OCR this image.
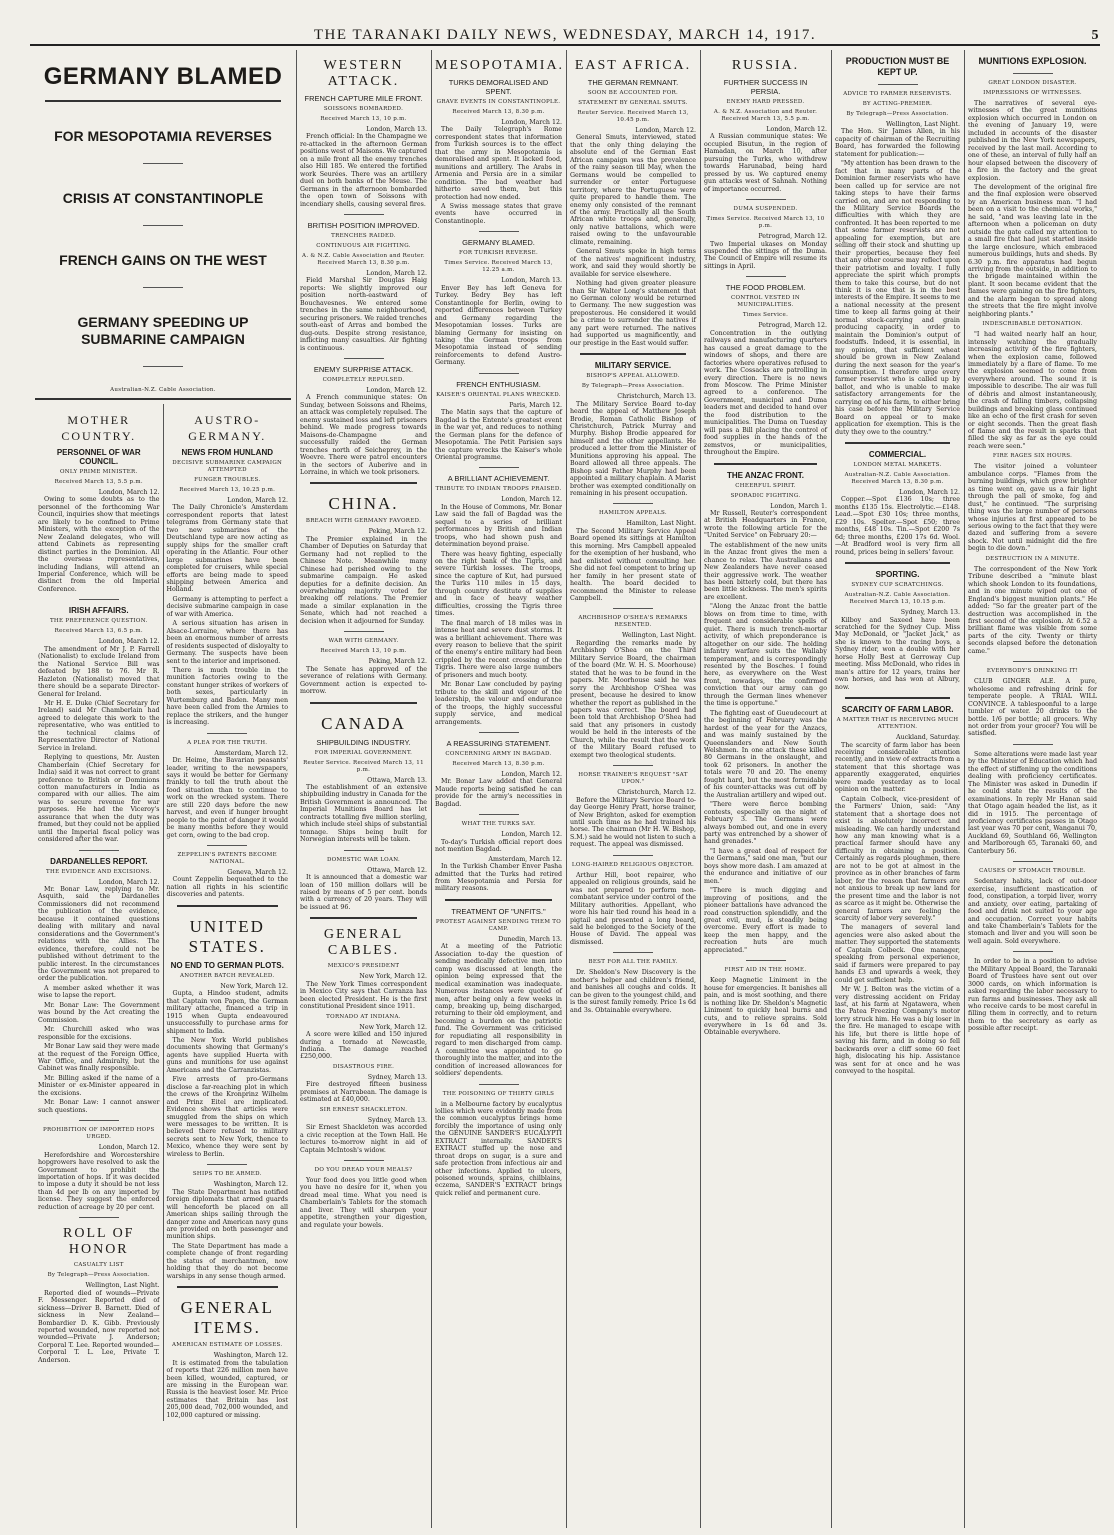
THE TARANAKI DAILY NEWS, WEDNESDAY, MARCH 14, 1917.	5
GERMANY BLAMED
FOR MESOPOTAMIA REVERSES
CRISIS AT CONSTANTINOPLE
FRENCH GAINS ON THE WEST
GERMANY SPEEDING UP SUBMARINE CAMPAIGN
Australian-N.Z. Cable Association.
MOTHER COUNTRY.
PERSONNEL OF WAR COUNCIL.
ONLY PRIME MINISTER.
Received March 13, 5.5 p.m.
London, March 12.

Owing to some doubts as to the personnel of the forthcoming War Council, inquiries show that meetings are likely to be confined to Prime Ministers, with the exception of the New Zealand delegates, who will attend Cabinets as representing distinct parties in the Dominion. All the overseas representatives, including Indians, will attend an Imperial Conference, which will be distinct from the old Imperial Conference.

IRISH AFFAIRS.
THE PREFERENCE QUESTION.
Received March 13, 6.5 p.m.
London, March 12.

The amendment of Mr J. P. Farrell (Nationalist) to exclude Ireland from the National Service Bill was defeated by 188 to 76. Mr R. Hazleton (Nationalist) moved that there should be a separate Director-General for Ireland.

Mr H. E. Duke (Chief Secretary for Ireland) said Mr Chamberlain had agreed to delegate this work to the representative, who was entitled to the technical claims of Representative Director of National Service in Ireland.

Replying to questions, Mr. Austen Chamberlain (Chief Secretary for India) said it was not correct to grant preference to British or Dominions cotton manufacturers in India as compared with our allies. The aim was to secure revenue for war purposes. He had the Viceroy's assurance that when the duty was framed, but they could not be applied until the Imperial fiscal policy was considered after the war.

DARDANELLES REPORT.
THE EVIDENCE AND EXCISIONS.
London, March 12.

Mr. Bonar Law, replying to Mr. Asquith, said the Dardanelles Commissioners did not recommend the publication of the evidence, because it contained questions dealing with military and naval considerations and the Government's relations with the Allies. The evidence, therefore, could not be published without detriment to the public interest. In the circumstances the Government was not prepared to order the publication.

A member asked whether it was wise to lapse the report.

Mr. Bonar Law: The Government was bound by the Act creating the Commission.

Mr. Churchill asked who was responsible for the excisions.

Mr Bonar Law said they were made at the request of the Foreign Office, War Office, and Admiralty, but the Cabinet was finally responsible.

Mr. Billing asked if the name of a Minister or ex-Minister appeared in the excisions.

Mr. Bonar Law: I cannot answer such questions.

PROHIBITION OF IMPORTED HOPS URGED.
London, March 12.

Herefordshire and Worcestershire hopgrowers have resolved to ask the Government to prohibit the importation of hops. If it was decided to impose a duty it should be not less than 4d per lb on any imported by license. They suggest the enforced reduction of acreage by 20 per cent.

ROLL OF HONOR
CASUALTY LIST
By Telegraph—Press Association.
Wellington, Last Night.

Reported died of wounds—Private F. Messenger. Reported died of sickness—Driver B. Barnett. Died of sickness in New Zealand—Bombardier D. K. Gibb. Previously reported wounded, now reported not wounded—Private J. Anderson; Corporal T. Lee. Reported wounded—Corporal T. L. Lee, Private T. Anderson.

AUSTRO-GERMANY.
NEWS FROM HUNLAND
DECISIVE SUBMARINE CAMPAIGN ATTEMPTED
FUNGER TROUBLES.
Received March 13, 10.25 p.m.
London, March 12.

The Daily Chronicle's Amsterdam correspondent reports that latest telegrams from Germany state that two new submarines of the Deutschland type are now acting as supply ships for the smaller craft operating in the Atlantic. Four other large submarines have been completed for cruisers, while special efforts are being made to speed shipping between America and Holland.

Germany is attempting to perfect a decisive submarine campaign in case of war with America.

A serious situation has arisen in Alsace-Lorraine, where there has been an enormous number of arrests of residents suspected of disloyalty to Germany. The suspects have been sent to the interior and imprisoned.

There is much trouble in the munition factories owing to the constant hunger strikes of workers of both sexes, particularly in Wurtemburg and Baden. Many men have been called from the Armies to replace the strikers, and the hunger is increasing.

A PLEA FOR THE TRUTH.
Amsterdam, March 12.

Dr. Heime, the Bavarian peasants' leader, writing to the newspapers, says it would be better for Germany frankly to tell the truth about the food situation than to continue to work on the wrecked system. There are still 220 days before the new harvest, and even if hunger brought people to the point of danger it would be many months before they would get corn, owing to the bad crop.

ZEPPELIN'S PATENTS BECOME NATIONAL.
Geneva, March 12.

Count Zeppelin bequeathed to the nation all rights in his scientific discoveries and patents.

UNITED STATES.
NO END TO GERMAN PLOTS.
ANOTHER BATCH REVEALED.
New York, March 12.

Gupta, a Hindoo student, admits that Captain von Papen, the German military attache, financed a trip in 1915 when Gupta endeavoured unsuccessfully to purchase arms for shipment to India.

The New York World publishes documents showing that Germany's agents have supplied Huerta with guns and munitions for use against Americans and the Carranzistas.

Five arrests of pro-Germans disclose a far-reaching plot in which the crews of the Kronprinz Wilhelm and Prinz Eitel are implicated. Evidence shows that articles were smuggled from the ships on which were messages to be written. It is believed there refused to military secrets sent to New York, thence to Mexico, whence they were sent by wireless to Berlin.

SHIPS TO BE ARMED.
Washington, March 12.

The State Department has notified foreign diplomats that armed guards will henceforth be placed on all American ships sailing through the danger zone and American navy guns are provided on both passenger and munition ships.

The State Department has made a complete change of front regarding the status of merchantmen, now holding that they do not become warships in any sense though armed.

GENERAL ITEMS.
AMERICAN ESTIMATE OF LOSSES.
Washington, March 12.

It is estimated from the tabulation of reports that 226 million men have been killed, wounded, captured, or are missing in the European war. Russia is the heaviest loser. Mr. Price estimates that Britain has lost 205,000 dead, 702,000 wounded, and 102,000 captured or missing.

WESTERN ATTACK.
FRENCH CAPTURE MILE FRONT.
SOISSONS BOMBARDED.
Received March 13, 10 p.m.
London, March 13.

French official: In the Champagne we re-attacked in the afternoon German positions west of Maisons. We captured on a mile front all the enemy trenches also Hill 185. We entered the fortified work Seurées. There was an artillery duel on both banks of the Meuse. The Germans in the afternoon bombarded the open town of Soissons with incendiary shells, causing several fires.

BRITISH POSITION IMPROVED.
TRENCHES RAIDED.
CONTINUOUS AIR FIGHTING.
A. & N.Z. Cable Association and Reuter. Received March 13, 8.30 p.m.
London, March 12.

Field Marshal Sir Douglas Haig reports: We slightly improved our position north-eastward of Bouchavesnes. We entered some trenches in the same neighbourhood, securing prisoners. We raided trenches south-east of Arras and bombed the dug-outs. Despite strong resistance, inflicting many casualties. Air fighting is continuous.

ENEMY SURPRISE ATTACK.
COMPLETELY REPULSED.
London, March 12.

A French communique states: On Sunday, between Soissons and Rheims, an attack was completely repulsed. The enemy sustained loss and left prisoners behind. We made progress towards Maisons-de-Champagne and successfully raided the German trenches north of Seicheprey, in the Woevre. There were patrol encounters in the sectors of Auberive and in Lorraine, in which we took prisoners.

CHINA.
BREACH WITH GERMANY FAVORED.
Peking, March 12.

The Premier explained in the Chamber of Deputies on Saturday that Germany had not replied to the Chinese Note. Meanwhile many Chinese had perished owing to the submarine campaign. He asked deputies for a definite decision. An overwhelming majority voted for breaking off relations. The Premier made a similar explanation in the Senate, which had not reached a decision when it adjourned for Sunday.

WAR WITH GERMANY.
Received March 13, 10 p.m.
Peking, March 12.

The Senate has approved of the severance of relations with Germany. Government action is expected to-morrow.

CANADA
SHIPBUILDING INDUSTRY.
FOR IMPERIAL GOVERNMENT.
Reuter Service. Received March 13, 11 p.m.
Ottawa, March 13.

The establishment of an extensive shipbuilding industry in Canada for the British Government is announced. The Imperial Munitions Board has let contracts totalling five million sterling, which include steel ships of substantial tonnage. Ships being built for Norwegian interests will be taken.

DOMESTIC WAR LOAN.
Ottawa, March 12.

It is announced that a domestic war loan of 150 million dollars will be raised by means of 5 per cent. bonds with a currency of 20 years. They will be issued at 96.

GENERAL CABLES.
MEXICO'S PRESIDENT
New York, March 12.

The New York Times correspondent in Mexico City says that Carranza has been elected President. He is the first constitutional President since 1911.

TORNADO AT INDIANA.
New York, March 12.

A score were killed and 150 injured during a tornado at Newcastle, Indiana. The damage reached £250,000.

DISASTROUS FIRE.
Sydney, March 13.

Fire destroyed fifteen business premises at Narrabean. The damage is estimated at £40,000.

SIR ERNEST SHACKLETON.
Sydney, March 13.

Sir Ernest Shackleton was accorded a civic reception at the Town Hall. He lectures to-morrow night in aid of Captain McIntosh's widow.

DO YOU DREAD YOUR MEALS?

Your food does you little good when you have no desire for it, when you dread meal time. What you need is Chamberlain's Tablets for the stomach and liver. They will sharpen your appetite, strengthen your digestion, and regulate your bowels.

MESOPOTAMIA.
TURKS DEMORALISED AND SPENT.
GRAVE EVENTS IN CONSTANTINOPLE.
Received March 13, 8.30 p.m.
London, March 12.

The Daily Telegraph's Rome correspondent states that information from Turkish sources is to the effect that the army in Mesopotamia is demoralised and spent. It lacked food, munitions and artillery. The Arabs in Armenia and Persia are in a similar condition. The bad weather had hitherto saved them, but this protection had now ended.

A Swiss message states that grave events have occurred in Constantinople.

GERMANY BLAMED.
FOR TURKISH REVERSE.
Times Service. Received March 13, 12.25 a.m.
London, March 13.

Enver Bey has left Geneva for Turkey. Bedry Bey has left Constantinople for Berlin, owing to reported differences between Turkey and Germany regarding the Mesopotamian losses. Turks are blaming Germany for insisting on taking the German troops from Mesopotamia instead of sending reinforcements to defend Austro-Germany.

FRENCH ENTHUSIASM.
KAISER'S ORIENTAL PLANS WRECKED.
Paris, March 12.

The Matin says that the capture of Bagdad is the Entente's greatest event in the war yet, and reduces to nothing the German plans for the defence of Mesopotamia. The Petit Parisien says the capture wrecks the Kaiser's whole Oriental programme.

A BRILLIANT ACHIEVEMENT.
TRIBUTE TO INDIAN TROOPS PRAISED.
London, March 12.

In the House of Commons, Mr. Bonar Law said the fall of Bagdad was the sequel to a series of brilliant performances by British and Indian troops, who had shown push and determination beyond praise.

There was heavy fighting, especially on the right bank of the Tigris, and severe Turkish losses. The troops, since the capture of Kut, had pursued the Turks 110 miles in 15 days, through country destitute of supplies and in face of heavy weather difficulties, crossing the Tigris three times.

The final march of 18 miles was in intense heat and severe dust storms. It was a brilliant achievement. There was every reason to believe that the spirit of the enemy's entire military had been crippled by the recent crossing of the Tigris. There were also large numbers of prisoners and much booty.

Mr. Bonar Law concluded by paying tribute to the skill and vigour of the leadership, the valour and endurance of the troops, the highly successful supply service, and medical arrangements.

A REASSURING STATEMENT.
CONCERNING ARMY IN BAGDAD.
Received March 13, 8.30 p.m.
London, March 12.

Mr. Bonar Law added that General Maude reports being satisfied he can provide for the army's necessities in Bagdad.

WHAT THE TURKS SAY.
London, March 12.

To-day's Turkish official report does not mention Bagdad.

Amsterdam, March 12.

In the Turkish Chamber Enver Pasha admitted that the Turks had retired from Mesopotamia and Persia for military reasons.

TREATMENT OF "UNFITS."
PROTEST AGAINST SENDING THEM TO CAMP.
Dunedin, March 13.

At a meeting of the Patriotic Association to-day the question of sending medically defective men into camp was discussed at length, the opinion being expressed that the medical examination was inadequate. Numerous instances were quoted of men, after being only a few weeks in camp, breaking up, being discharged, returning to their old employment, and becoming a burden on the patriotic fund. The Government was criticised for repudiating all responsibility in regard to men discharged from camp. A committee was appointed to go thoroughly into the matter, and into the condition of increased allowances for soldiers' dependents.

THE POISONING OF THIRTY GIRLS

in a Melbourne factory by eucalyptus lollies which were evidently made from the common eucalyptus brings home forcibly the importance of using only the GENUINE SANDER'S EUCALYPTI EXTRACT internally. SANDER'S EXTRACT stuffed up the nose and throat drops on sugar, is a sure and safe protection from infectious air and other infections. Applied to ulcers, poisoned wounds, sprains, chilblains, eczema, SANDER'S EXTRACT brings quick relief and permanent cure.

EAST AFRICA.
THE GERMAN REMNANT.
SOON BE ACCOUNTED FOR.
STATEMENT BY GENERAL SMUTS.
Reuter Service. Received March 13, 10.45 p.m.
London, March 12.

General Smuts, interviewed, stated that the only thing delaying the absolute end of the German East African campaign was the prevalence of the rainy season till May, when the Germans would be compelled to surrender or enter Portuguese territory, where the Portuguese were quite prepared to handle them. The enemy only consisted of the remnant of the army. Practically all the South African white troops and, generally, only native battalions, which were raised owing to the unfavourable climate, remaining.

General Smuts spoke in high terms of the natives' magnificent industry, work, and said they would shortly be available for service elsewhere.

Nothing had given greater pleasure than Sir Walter Long's statement that no German colony would be returned to Germany. The new suggestion was preposterous. He considered it would be a crime to surrender the natives if any part were returned. The natives had supported us magnificently, and our prestige in the East would suffer.

MILITARY SERVICE.
BISHOP'S APPEAL ALLOWED.
By Telegraph—Press Association.
Christchurch, March 13.

The Military Service Board to-day heard the appeal of Matthew Joseph Brodie, Roman Catholic Bishop of Christchurch, Patrick Murray and Murphy. Bishop Brodie appeared for himself and the other appellants. He produced a letter from the Minister of Munitions approving his appeal. The Board allowed all three appeals. The Bishop said Father Murphy had been appointed a military chaplain. A Marist brother was exempted conditionally on remaining in his present occupation.

HAMILTON APPEALS.
Hamilton, Last Night.

The Second Military Service Appeal Board opened its sittings at Hamilton this morning. Mrs Campbell appealed for the exemption of her husband, who had enlisted without consulting her. She did not feel competent to bring up her family in her present state of health. The board decided to recommend the Minister to release Campbell.

ARCHBISHOP O'SHEA'S REMARKS RESENTED.
Wellington, Last Night.

Regarding the remarks made by Archbishop O'Shea on the Third Military Service Board, the chairman of the board (Mr. W. H. S. Moorhouse) stated that he was to be found in the papers. Mr. Moorhouse said he was sorry the Archbishop O'Shea was present, because he desired to know whether the report as published in the papers was correct. The board had been told that Archbishop O'Shea had said that any prisoners in custody would be held in the interests of the Church, while the result that the work of the Military Board refused to exempt two theological students.

HORSE TRAINER'S REQUEST "SAT UPON."
Christchurch, March 12.

Before the Military Service Board to-day George Henry Pratt, horse trainer, of New Brighton, asked for exemption until such time as he had trained his horse. The chairman (Mr H. W. Bishop, S.M.) said he would not listen to such a request. The appeal was dismissed.

LONG-HAIRED RELIGIOUS OBJECTOR.

Arthur Hill, boot repairer, who appealed on religious grounds, said he was not prepared to perform non-combatant service under control of the Military authorities. Appellant, who wore his hair tied round his head in a pigtail and presented a long beard, said he belonged to the Society of the House of David. The appeal was dismissed.

BEST FOR ALL THE FAMILY.

Dr. Sheldon's New Discovery is the mother's helper and children's friend, and banishes all coughs and colds. It can be given to the youngest child, and is the surest family remedy. Price 1s 6d and 3s. Obtainable everywhere.

RUSSIA.
FURTHER SUCCESS IN PERSIA.
ENEMY HARD PRESSED.
A. & N.Z. Association and Reuter. Received March 13, 5.5 p.m.
London, March 12.

A Russian communique states: We occupied Bisutun, in the region of Hamadan, on March 10, after pursuing the Turks, who withdrew towards Harunabad, being hard pressed by us. We captured enemy gun attacks west of Sahnah. Nothing of importance occurred.

DUMA SUSPENDED.
Times Service. Received March 13, 10 p.m.
Petrograd, March 12.

Two Imperial ukases on Monday suspended the sittings of the Duma. The Council of Empire will resume its sittings in April.

THE FOOD PROBLEM.
CONTROL VESTED IN MUNICIPALITIES.
Times Service.
Petrograd, March 12.

Concentration in the outlying railways and manufacturing quarters has caused a great damage to the windows of shops, and there are factories where operatives refused to work. The Cossacks are patrolling in every direction. There is no news from Moscow. The Prime Minister agreed to a conference. The Government, municipal and Duma leaders met and decided to hand over the food distribution to the municipalities. The Duma on Tuesday will pass a Bill placing the control of food supplies in the hands of the zemstvos, or municipalities, throughout the Empire.

THE ANZAC FRONT.
CHEERFUL SPIRIT.
SPORADIC FIGHTING.
London, March 1.

Mr Russell, Reuter's correspondent at British Headquarters in France, wrote the following article for the "United Service" on February 20:—

The establishment of the new units in the Anzac front gives the men a chance to relax. The Australians and New Zealanders have never ceased their aggressive work. The weather has been bitterly cold, but there has been little sickness. The men's spirits are excellent.

"Along the Anzac front the battle blows on from time to time, with frequent and considerable spells of quiet. There is much trench-mortar activity, of which preponderance is altogether on our side. The holding infantry warfare suits the Wallaby temperament, and is correspondingly resented by the Bosches. I found here, as everywhere on the West front, nowadays, the confirmed conviction that our army can go through the German lines whenever the time is opportune."

The fighting east of Gueudecourt at the beginning of February was the hardest of the year for the Anzacs, and was mainly sustained by the Queenslanders and New South Welshmen. In one attack these killed 80 Germans in the onslaught, and took 62 prisoners. In another the totals were 70 and 20. The enemy fought hard, but the most formidable of his counter-attacks was cut off by the Australian artillery and wiped out.

"There were fierce bombing contests, especially on the night of February 3. The Germans were always bombed out, and one in every party was entrenched by a shower of hand grenades."

"I have a great deal of respect for the Germans," said one man, "but our boys show more dash. I am amazed at the endurance and initiative of our men."

"There is much digging and improving of positions, and the pioneer battalions have advanced the road construction splendidly, and the great evil, mud, is steadily being overcome. Every effort is made to keep the men happy, and the recreation huts are much appreciated."

FIRST AID IN THE HOME.

Keep Magnetic Liniment in the house for emergencies. It banishes all pain, and is most soothing, and there is nothing like Dr. Sheldon's Magnetic Liniment to quickly heal burns and cuts, and to relieve sprains. Sold everywhere in 1s 6d and 3s. Obtainable everywhere.

PRODUCTION MUST BE KEPT UP.
ADVICE TO FARMER RESERVISTS.
BY ACTING-PREMIER.
By Telegraph—Press Association.
Wellington, Last Night.

The Hon. Sir James Allen, in his capacity of chairman of the Recruiting Board, has forwarded the following statement for publication:—

"My attention has been drawn to the fact that in many parts of the Dominion farmer reservists who have been called up for service are not taking steps to have their farms carried on, and are not responding to the Military Service Boards the difficulties with which they are confronted. It has been reported to me that some farmer reservists are not appealing for exemption, but are selling off their stock and shutting up their properties, because they feel that any other course may reflect upon their patriotism and loyalty. I fully appreciate the spirit which prompts them to take this course, but do not think it is one that is in the best interests of the Empire. It seems to me a national necessity at the present time to keep all farms going at their normal stock-carrying and grain producing capacity, in order to maintain the Dominion's output of foodstuffs. Indeed, it is essential, in my opinion, that sufficient wheat should be grown in New Zealand during the next season for the year's consumption. I therefore urge every farmer reservist who is called up by ballot, and who is unable to make satisfactory arrangements for the carrying on of his farm, to either bring his case before the Military Service Board on appeal or to make application for exemption. This is the duty they owe to the country."

COMMERCIAL.
LONDON METAL MARKETS.
Australian-N.Z. Cable Association. Received March 13, 8.30 p.m.
London, March 12.

Copper.—Spot £136 10s; three months £135 15s. Electrolytic.—£148. Lead.—Spot £30 10s; three months, £29 10s. Spelter.—Spot £50; three months, £48 10s. Tin.—Spot £200 7s 6d; three months, £200 17s 6d. Wool.—At Bradford wool is very firm all round, prices being in sellers' favour.

SPORTING.
SYDNEY CUP SCRATCHINGS.
Australian-N.Z. Cable Association. Received March 13, 10.15 p.m.
Sydney, March 13.

Kilboy and Saxeed have been scratched for the Sydney Cup. Miss May McDonald, or "Jacket Jack," as she is known to the racing boys, a Sydney rider, won a double with her horse Holly Best at Gerroway Cup meeting. Miss McDonald, who rides in man's attire for 12 years, trains her own horses, and has won at Albury, now.

SCARCITY OF FARM LABOR.
A MATTER THAT IS RECEIVING MUCH ATTENTION.
Auckland, Saturday.

The scarcity of farm labor has been receiving considerable attention recently, and in view of extracts from a statement that this shortage was apparently exaggerated, enquiries were made yesterday as to local opinion on the matter.

Captain Colbeck, vice-president of the Farmers' Union, said: "Any statement that a shortage does not exist is absolutely incorrect and misleading. We can hardly understand how any man knowing what is a practical farmer should have any difficulty in obtaining a position. Certainly as regards ploughmen, there are not to be got at almost in the province as in other branches of farm labor, for the reason that farmers are not anxious to break up new land for the present time and the labor is not as scarce as it might be. Otherwise the general farmers are feeling the scarcity of labor very severely."

The managers of several land agencies were also asked about the matter. They supported the statements of Captain Colbeck. One manager, speaking from personal experience, said if farmers were prepared to pay hands £3 and upwards a week, they could get sufficient help.

Mr W. J. Belton was the victim of a very distressing accident on Friday last, at his farm at Ngatawera, when the Patea Freezing Company's motor lorry struck him. He was a big loser in the fire. He managed to escape with his life, but there is little hope of saving his farm, and in doing so fell backwards over a cliff some 60 feet high, dislocating his hip. Assistance was sent for at once and he was conveyed to the hospital.

MUNITIONS EXPLOSION.
GREAT LONDON DISASTER.
IMPRESSIONS OF WITNESSES.

The narratives of several eye-witnesses of the great munitions explosion which occurred in London on the evening of January 19, were included in accounts of the disaster published in the New York newspapers, received by the last mail. According to one of these, an interval of fully half an hour elapsed between the discovery of a fire in the factory and the great explosion.

The development of the original fire and the final explosion were observed by an American business man. "I had been on a visit to the chemical works," he said, "and was leaving late in the afternoon when a policeman on duty outside the gate called my attention to a small fire that had just started inside the large enclosure, which embraced numerous buildings, huts and sheds. By 6.30 p.m. fire apparatus had begun arriving from the outside, in addition to the brigade maintained within the plant. It soon became evident that the flames were gaining on the fire fighters, and the alarm began to spread along the streets that the fire might involve neighboring plants."

INDESCRIBABLE DETONATION.

"I had waited nearly half an hour, intensely watching the gradually increasing activity of the fire fighters, when the explosion came, followed immediately by a flare of flame. To me the explosion seemed to come from everywhere around. The sound it is impossible to describe. The air was full of débris and almost instantaneously, the crash of falling timbers, collapsing buildings and breaking glass continued like an echo of the first crash for seven or eight seconds. Then the great flash of flame and the result in sparks that filled the sky as far as the eye could reach were seen."

FIRE RAGES SIX HOURS.

The visitor joined a volunteer ambulance corps. "Flames from the burning buildings, which grew brighter as time went on, gave us a fair light through the pall of smoke, fog and dust," he continued. "The surprising thing was the large number of persons whose injuries at first appeared to be serious owing to the fact that they were dazed and suffering from a severe shock. Not until midnight did the fire begin to die down."

DESTRUCTION IN A MINUTE.

The correspondent of the New York Tribune described a "minute blast which shook London to its foundations, and in one minute wiped out one of England's biggest munition plants." He added: "So far the greater part of the destruction was accomplished in the first second of the explosion. At 6.52 a brilliant flame was visible from some parts of the city. Twenty or thirty seconds elapsed before the detonation came."

EVERYBODY'S DRINKING IT!

CLUB GINGER ALE. A pure, wholesome and refreshing drink for temperate people. A TRIAL WILL CONVINCE. A tablespoonful to a large tumbler of water. 20 drinks to the bottle. 1/6 per bottle; all grocers. Why not order from your grocer? You will be satisfied.

Some alterations were made last year by the Minister of Education which had the effect of stiffening up the conditions dealing with proficiency certificates. The Minister was asked in Dunedin if he could state the results of the examinations. In reply Mr Hanan said that Otago again headed the list, as it did in 1915. The percentage of proficiency certificates passes in Otago last year was 70 per cent, Wanganui 70, Auckland 69, Southland 66, Wellington and Marlborough 65, Taranaki 60, and Canterbury 56.

CAUSES OF STOMACH TROUBLE.

Sedentary habits, lack of out-door exercise, insufficient mastication of food, constipation, a torpid liver, worry and anxiety, over eating, partaking of food and drink not suited to your age and occupation. Correct your habits and take Chamberlain's Tablets for the stomach and liver and you will soon be well again. Sold everywhere.

In order to be in a position to advise the Military Appeal Board, the Taranaki Board of Trustees have sent out over 3000 cards, on which information is asked regarding the labor necessary to run farms and businesses. They ask all who receive cards to be most careful in filling them in correctly, and to return them to the secretary as early as possible after receipt.
